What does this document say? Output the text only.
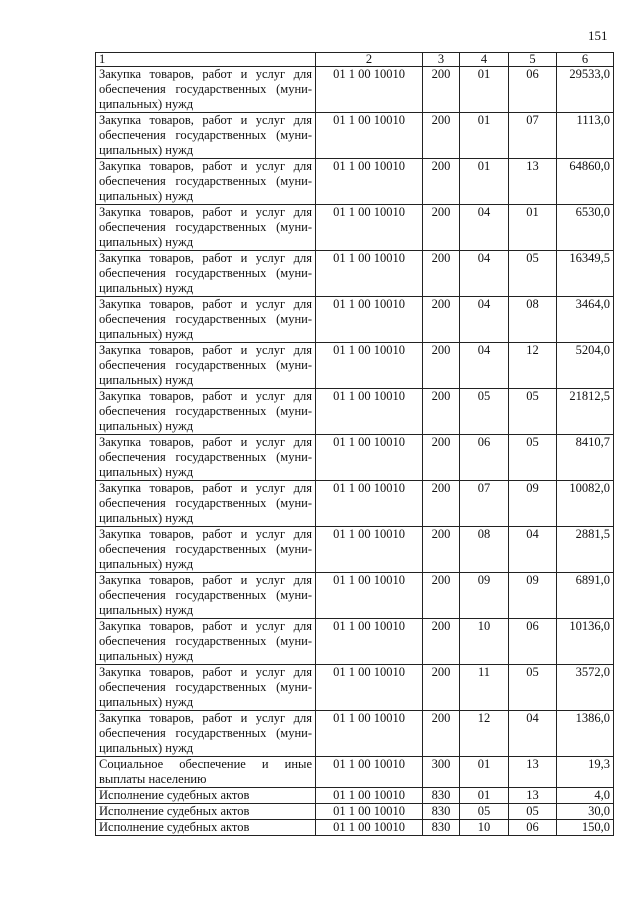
151
1	2	3	4	5	6
Закупка товаров, работ и услуг для обеспечения государственных (муни-ципальных) нужд	01 1 00 10010	200	01	06	29533,0
Закупка товаров, работ и услуг для обеспечения государственных (муни-ципальных) нужд	01 1 00 10010	200	01	07	1113,0
Закупка товаров, работ и услуг для обеспечения государственных (муни-ципальных) нужд	01 1 00 10010	200	01	13	64860,0
Закупка товаров, работ и услуг для обеспечения государственных (муни-ципальных) нужд	01 1 00 10010	200	04	01	6530,0
Закупка товаров, работ и услуг для обеспечения государственных (муни-ципальных) нужд	01 1 00 10010	200	04	05	16349,5
Закупка товаров, работ и услуг для обеспечения государственных (муни-ципальных) нужд	01 1 00 10010	200	04	08	3464,0
Закупка товаров, работ и услуг для обеспечения государственных (муни-ципальных) нужд	01 1 00 10010	200	04	12	5204,0
Закупка товаров, работ и услуг для обеспечения государственных (муни-ципальных) нужд	01 1 00 10010	200	05	05	21812,5
Закупка товаров, работ и услуг для обеспечения государственных (муни-ципальных) нужд	01 1 00 10010	200	06	05	8410,7
Закупка товаров, работ и услуг для обеспечения государственных (муни-ципальных) нужд	01 1 00 10010	200	07	09	10082,0
Закупка товаров, работ и услуг для обеспечения государственных (муни-ципальных) нужд	01 1 00 10010	200	08	04	2881,5
Закупка товаров, работ и услуг для обеспечения государственных (муни-ципальных) нужд	01 1 00 10010	200	09	09	6891,0
Закупка товаров, работ и услуг для обеспечения государственных (муни-ципальных) нужд	01 1 00 10010	200	10	06	10136,0
Закупка товаров, работ и услуг для обеспечения государственных (муни-ципальных) нужд	01 1 00 10010	200	11	05	3572,0
Закупка товаров, работ и услуг для обеспечения государственных (муни-ципальных) нужд	01 1 00 10010	200	12	04	1386,0
Социальное обеспечение и иные выплаты населению	01 1 00 10010	300	01	13	19,3
Исполнение судебных актов	01 1 00 10010	830	01	13	4,0
Исполнение судебных актов	01 1 00 10010	830	05	05	30,0
Исполнение судебных актов	01 1 00 10010	830	10	06	150,0
